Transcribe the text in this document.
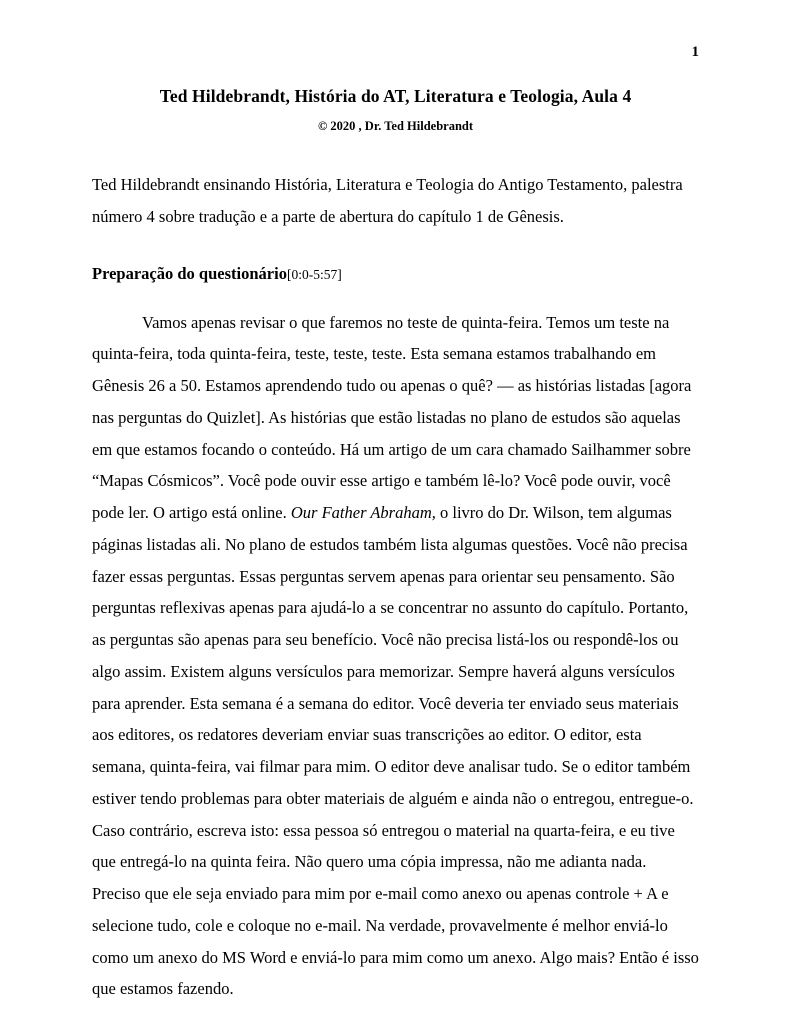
1
Ted Hildebrandt, História do AT, Literatura e Teologia, Aula 4
© 2020 , Dr. Ted Hildebrandt

Ted Hildebrandt ensinando História, Literatura e Teologia do Antigo Testamento, palestra número 4 sobre tradução e a parte de abertura do capítulo 1 de Gênesis.

Preparação do questionário[0:0-5:57]

Vamos apenas revisar o que faremos no teste de quinta-feira. Temos um teste na quinta-feira, toda quinta-feira, teste, teste, teste. Esta semana estamos trabalhando em Gênesis 26 a 50. Estamos aprendendo tudo ou apenas o quê? — as histórias listadas [agora nas perguntas do Quizlet]. As histórias que estão listadas no plano de estudos são aquelas em que estamos focando o conteúdo. Há um artigo de um cara chamado Sailhammer sobre “Mapas Cósmicos”. Você pode ouvir esse artigo e também lê-lo? Você pode ouvir, você pode ler. O artigo está online. Our Father Abraham, o livro do Dr. Wilson, tem algumas páginas listadas ali. No plano de estudos também lista algumas questões. Você não precisa fazer essas perguntas. Essas perguntas servem apenas para orientar seu pensamento. São perguntas reflexivas apenas para ajudá-lo a se concentrar no assunto do capítulo. Portanto, as perguntas são apenas para seu benefício. Você não precisa listá-los ou respondê-los ou algo assim. Existem alguns versículos para memorizar. Sempre haverá alguns versículos para aprender. Esta semana é a semana do editor. Você deveria ter enviado seus materiais aos editores, os redatores deveriam enviar suas transcrições ao editor. O editor, esta semana, quinta-feira, vai filmar para mim. O editor deve analisar tudo. Se o editor também estiver tendo problemas para obter materiais de alguém e ainda não o entregou, entregue-o. Caso contrário, escreva isto: essa pessoa só entregou o material na quarta-feira, e eu tive que entregá-lo na quinta feira. Não quero uma cópia impressa, não me adianta nada. Preciso que ele seja enviado para mim por e-mail como anexo ou apenas controle + A e selecione tudo, cole e coloque no e-mail. Na verdade, provavelmente é melhor enviá-lo como um anexo do MS Word e enviá-lo para mim como um anexo. Algo mais? Então é isso que estamos fazendo.
